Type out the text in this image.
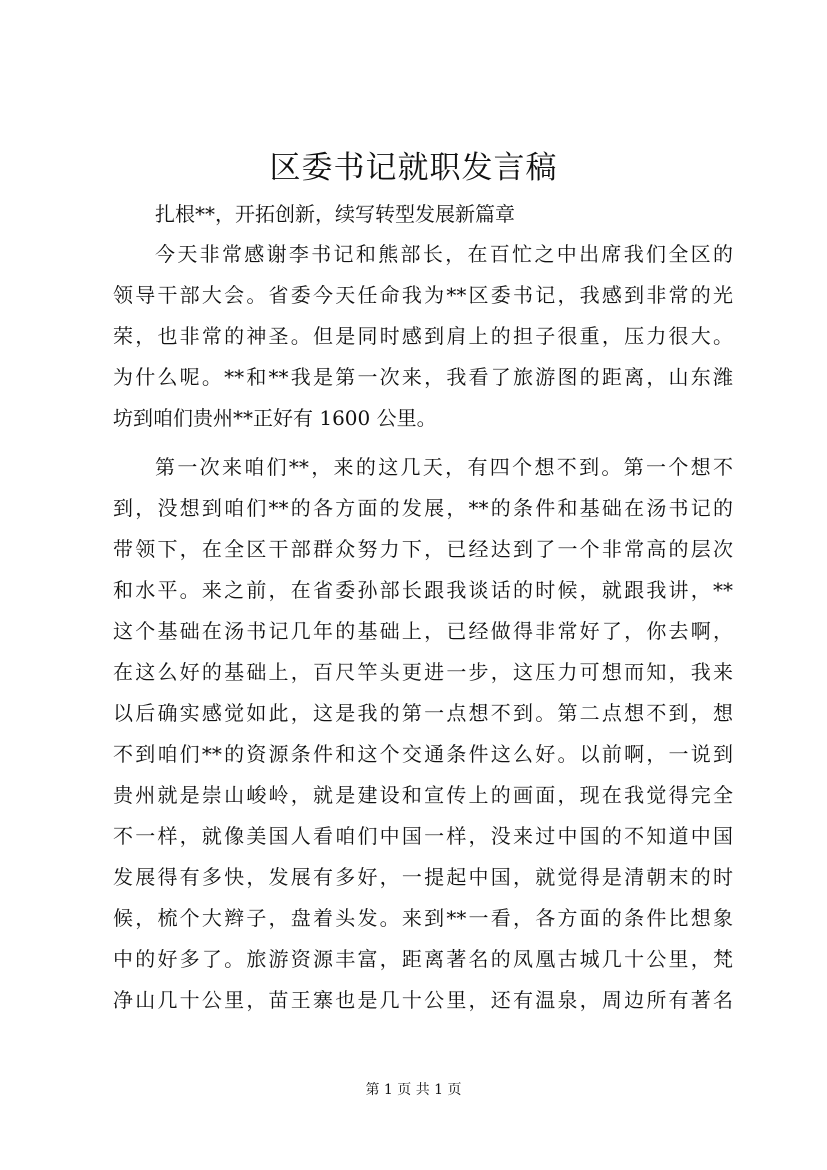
区委书记就职发言稿

扎根**，开拓创新，续写转型发展新篇章

今天非常感谢李书记和熊部长，在百忙之中出席我们全区的

领导干部大会。省委今天任命我为**区委书记，我感到非常的光

荣，也非常的神圣。但是同时感到肩上的担子很重，压力很大。

为什么呢。**和**我是第一次来，我看了旅游图的距离，山东潍

坊到咱们贵州**正好有 1600 公里。

第一次来咱们**，来的这几天，有四个想不到。第一个想不

到，没想到咱们**的各方面的发展，**的条件和基础在汤书记的

带领下，在全区干部群众努力下，已经达到了一个非常高的层次

和水平。来之前，在省委孙部长跟我谈话的时候，就跟我讲，**

这个基础在汤书记几年的基础上，已经做得非常好了，你去啊，

在这么好的基础上，百尺竿头更进一步，这压力可想而知，我来

以后确实感觉如此，这是我的第一点想不到。第二点想不到，想

不到咱们**的资源条件和这个交通条件这么好。以前啊，一说到

贵州就是崇山峻岭，就是建设和宣传上的画面，现在我觉得完全

不一样，就像美国人看咱们中国一样，没来过中国的不知道中国

发展得有多快，发展有多好，一提起中国，就觉得是清朝末的时

候，梳个大辫子，盘着头发。来到**一看，各方面的条件比想象

中的好多了。旅游资源丰富，距离著名的凤凰古城几十公里，梵

净山几十公里，苗王寨也是几十公里，还有温泉，周边所有著名

第 1 页 共 1 页
